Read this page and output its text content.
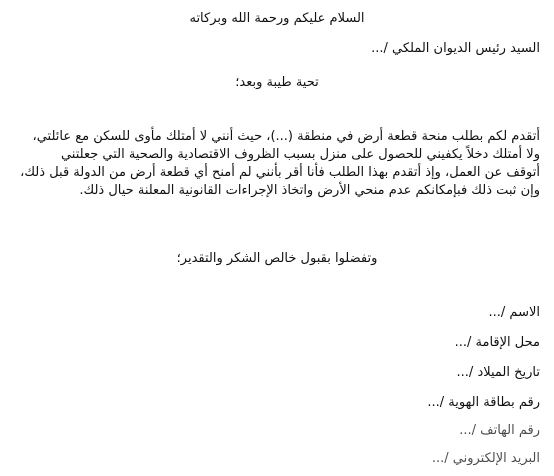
السلام عليكم ورحمة الله وبركاته
السيد رئيس الديوان الملكي /...
تحية طيبة وبعد؛
أتقدم لكم بطلب منحة قطعة أرض في منطقة (...)، حيث أنني لا أمتلك مأوى للسكن مع عائلتي،
ولا أمتلك دخلاً يكفيني للحصول على منزل بسبب الظروف الاقتصادية والصحية التي جعلتني
أتوقف عن العمل، وإذ أتقدم بهذا الطلب فأنا أقر بأنني لم أمنح أي قطعة أرض من الدولة قبل ذلك،
وإن ثبت ذلك فبإمكانكم عدم منحي الأرض واتخاذ الإجراءات القانونية المعلنة حيال ذلك.
وتفضلوا بقبول خالص الشكر والتقدير؛
الاسم /...
محل الإقامة /...
تاريخ الميلاد /...
رقم بطاقة الهوية /...
رقم الهاتف /...
البريد الإلكتروني /...
